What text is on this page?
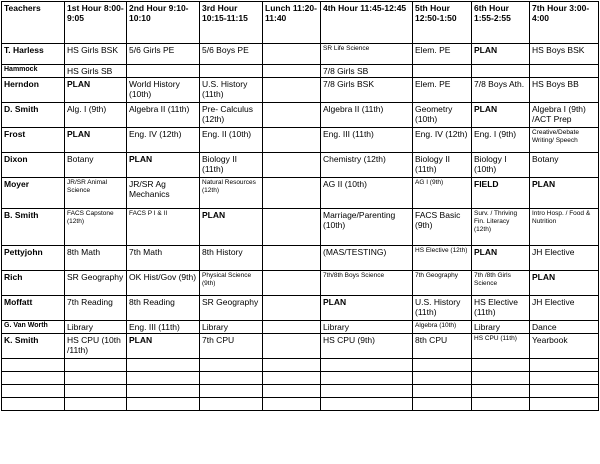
Teachers	1st Hour 8:00-9:05	2nd Hour 9:10-10:10	3rd Hour 10:15-11:15	Lunch 11:20-11:40	4th Hour 11:45-12:45	5th Hour 12:50-1:50	6th Hour 1:55-2:55	7th Hour 3:00-4:00
T. Harless	HS Girls BSK	5/6 Girls PE	5/6 Boys PE		SR Life Science	Elem. PE	PLAN	HS Boys BSK
Hammock	HS Girls SB				7/8 Girls SB			
Herndon	PLAN	World History (10th)	U.S. History (11th)		7/8 Girls BSK	Elem. PE	7/8 Boys Ath.	HS Boys BB
D. Smith	Alg. I (9th)	Algebra II (11th)	Pre- Calculus (12th)		Algebra II (11th)	Geometry (10th)	PLAN	Algebra I (9th) /ACT Prep
Frost	PLAN	Eng. IV (12th)	Eng. II (10th)		Eng. III (11th)	Eng. IV (12th)	Eng. I (9th)	Creative/Debate Writing/ Speech
Dixon	Botany	PLAN	Biology II (11th)		Chemistry (12th)	Biology II (11th)	Biology I (10th)	Botany
Moyer	JR/SR Animal Science	JR/SR Ag Mechanics	Natural Resources (12th)		AG II (10th)	AG I (9th)	FIELD	PLAN
B. Smith	FACS Capstone (12th)	FACS P I & II	PLAN		Marriage/Parenting (10th)	FACS Basic (9th)	Surv. / Thriving Fin. Literacy (12th)	Intro Hosp. / Food & Nutrition
Pettyjohn	8th Math	7th Math	8th History		(MAS/TESTING)	HS Elective (12th)	PLAN	JH Elective
Rich	SR Geography	OK Hist/Gov (9th)	Physical Science (9th)		7th/8th Boys Science	7th Geography	7th /8th Girls Science	PLAN
Moffatt	7th Reading	8th Reading	SR Geography		PLAN	U.S. History (11th)	HS Elective (11th)	JH Elective
G. Van Worth	Library	Eng. III (11th)	Library		Library	Algebra (10th)	Library	Dance
K. Smith	HS CPU (10th /11th)	PLAN	7th CPU		HS CPU (9th)	8th CPU	HS CPU (11th)	Yearbook
